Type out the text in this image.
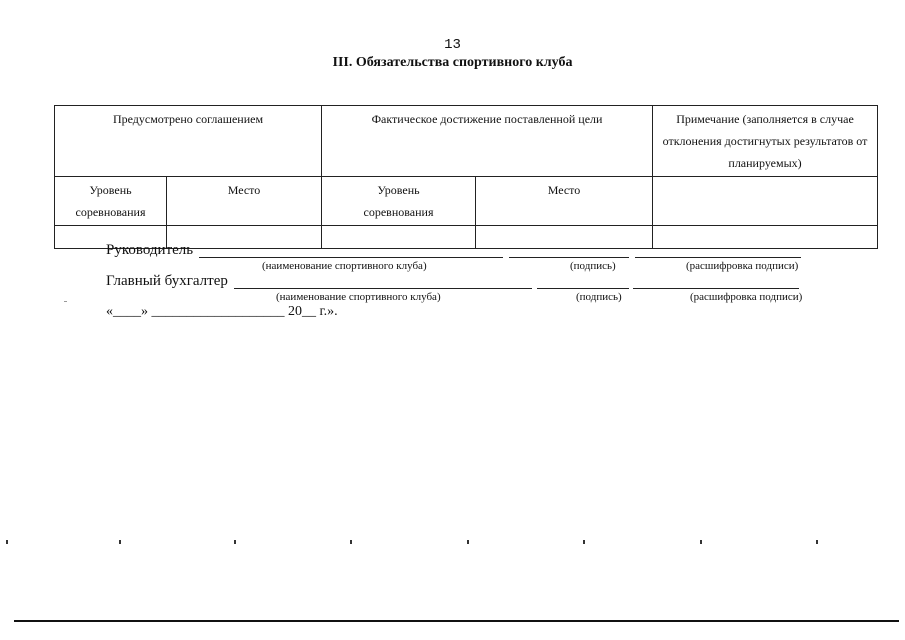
13
III. Обязательства спортивного клуба
Предусмотрено соглашением		Фактическое достижение поставленной цели		Примечание (заполняется в случае отклонения достигнутых результатов от планируемых)
Уровень соревнования	Место	Уровень соревнования	Место	

Руководитель
(наименование спортивного клуба)	(подпись)	(расшифровка подписи)
Главный бухгалтер
(наименование спортивного клуба)	(подпись)	(расшифровка подписи)
«____» ___________________ 20__ г.».
